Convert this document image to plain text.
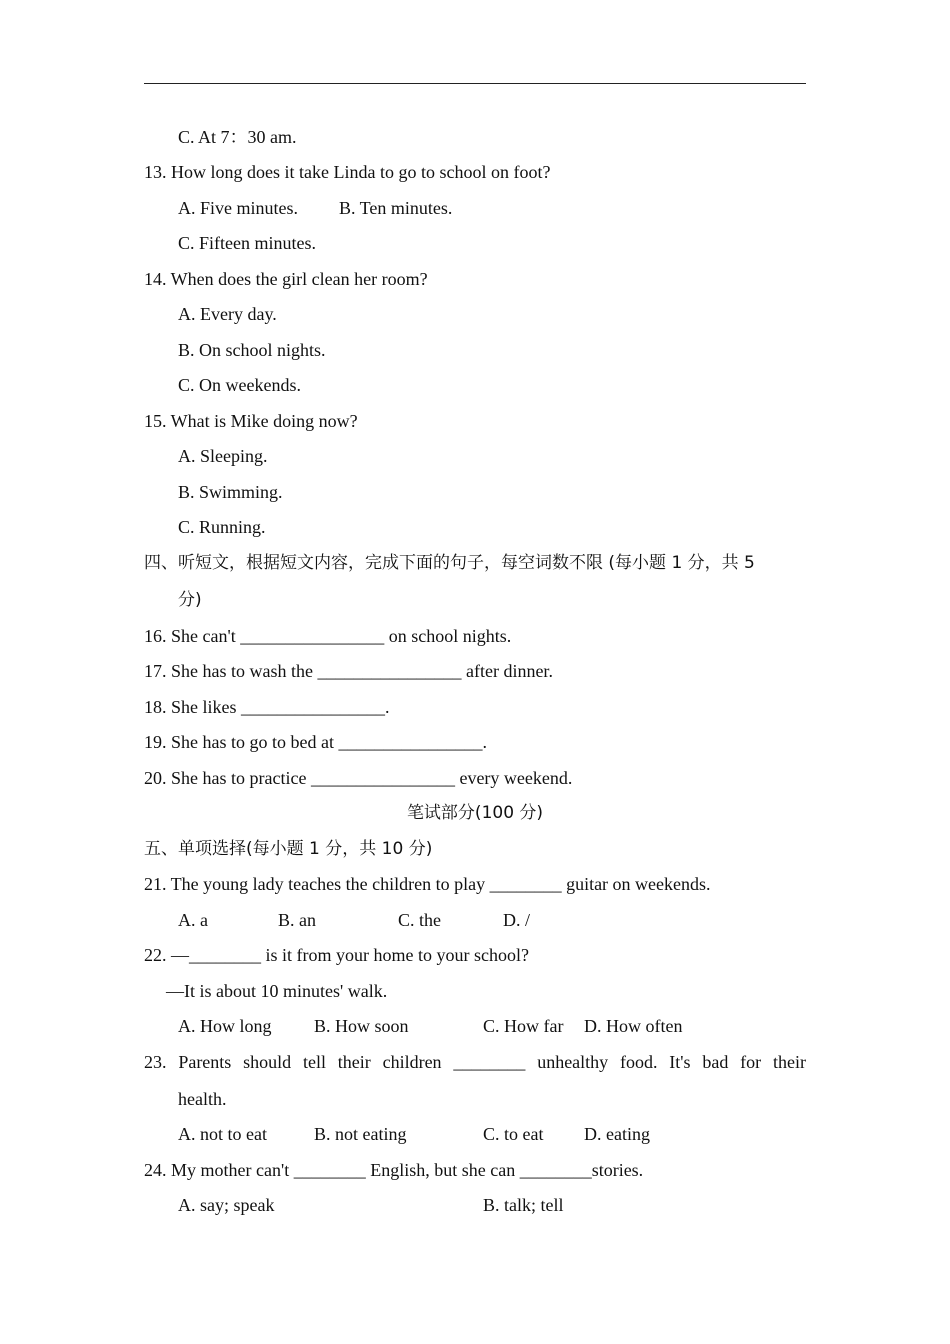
C. At 7：30 am.
13. How long does it take Linda to go to school on foot?
A. Five minutes. B. Ten minutes.
C. Fifteen minutes.
14. When does the girl clean her room?
A. Every day.
B. On school nights.
C. On weekends.
15. What is Mike doing now?
A. Sleeping.
B. Swimming.
C. Running.
四、听短文，根据短文内容，完成下面的句子，每空词数不限 (每小题 1 分，共 5
分)
16. She can't ________________ on school nights.
17. She has to wash the ________________ after dinner.
18. She likes ________________.
19. She has to go to bed at ________________.
20. She has to practice ________________ every weekend.
笔试部分(100 分)
五、单项选择(每小题 1 分，共 10 分)
21. The young lady teaches the children to play ________ guitar on weekends.
A. a	B. an	C. the	D. /
22. —________ is it from your home to your school?
—It is about 10 minutes' walk.
A. How long B. How soon	C. How far D. How often
23. Parents should tell their children ________ unhealthy food. It's bad for their
health.
A. not to eat	B. not eating	C. to eat D. eating
24. My mother can't ________ English, but she can ________stories.
A. say; speak	B. talk; tell
